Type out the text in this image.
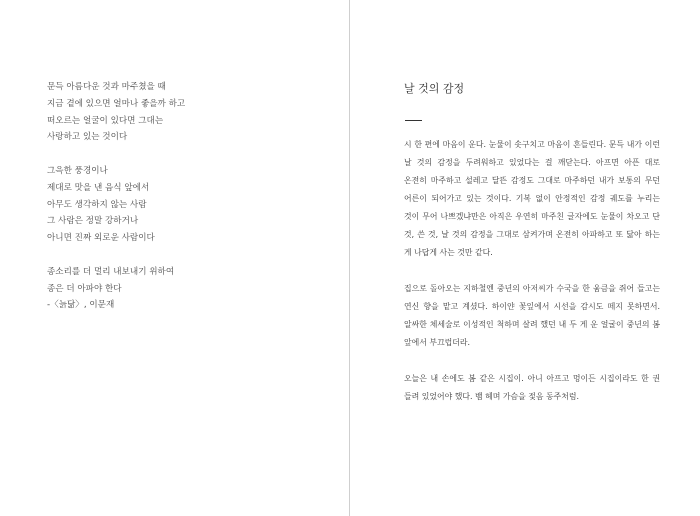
문득 아름다운 것과 마주쳤을 때
지금 곁에 있으면 얼마나 좋을까 하고
떠오르는 얼굴이 있다면 그대는
사랑하고 있는 것이다
그윽한 풍경이나
제대로 맛을 낸 음식 앞에서
아무도 생각하지 않는 사람
그 사람은 정말 강하거나
아니면 진짜 외로운 사람이다
종소리를 더 멀리 내보내기 위하여
종은 더 아파야 한다
-〈늙닮〉, 이문재
날 것의 감정

시 한 편에 마음이 운다. 눈물이 솟구치고 마음이 흔들린다. 문득 내가 이런 날 것의 감정을 두려워하고 있었다는 걸 깨닫는다. 아프면 아픈 대로 온전히 마주하고 설레고 달뜬 감정도 그대로 마주하던 내가 보통의 무던 어른이 되어가고 있는 것이다. 기복 없이 안정적인 감정 궤도를 누리는 것이 무어 나쁘겠냐만은 아직은 우연히 마주친 글자에도 눈물이 차오고 단 것, 쓴 것, 날 것의 감정을 그대로 삼켜가며 온전히 아파하고 또 닳아 하는 게 나답게 사는 것만 같다.

집으로 돌아오는 지하철엔 중년의 아저씨가 수국을 한 움큼을 쥐어 들고는 연신 향을 맡고 계셨다. 하이얀 꽃잎에서 시선을 감시도 떼지 못하면서. 알싸한 체세술로 이성적인 척하며 살려 했던 내 두 게 운 얼굴이 중년의 봄 앞에서 부끄럽더라.

오늘은 내 손에도 봄 같은 시집이. 아니 아프고 멍이든 시집이라도 한 권 들려 있었어야 했다. 뱀 헤며 가슴을 젖음 동주처럼.
